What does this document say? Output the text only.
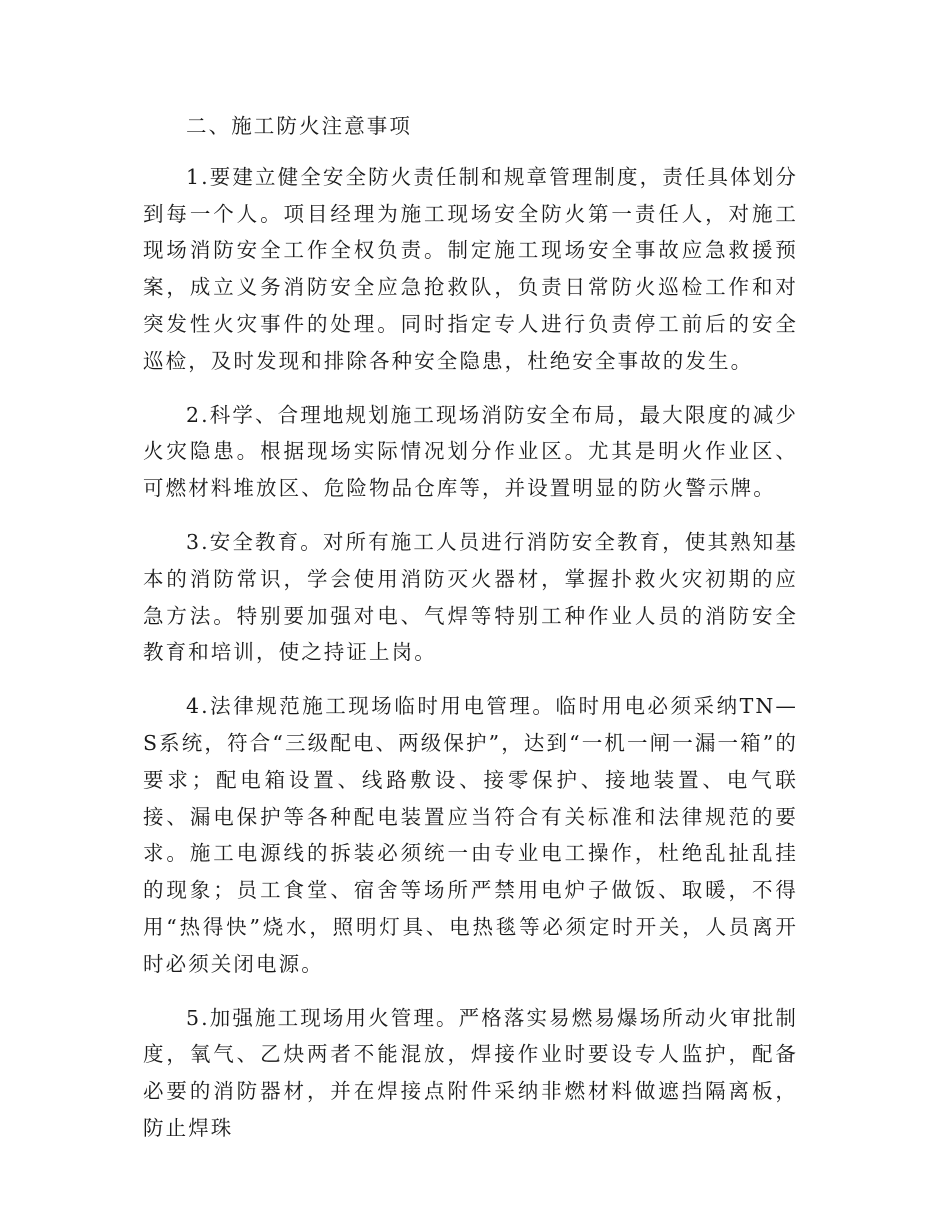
二、施工防火注意事项

1.要建立健全安全防火责任制和规章管理制度，责任具体划分到每一个人。项目经理为施工现场安全防火第一责任人，对施工现场消防安全工作全权负责。制定施工现场安全事故应急救援预案，成立义务消防安全应急抢救队，负责日常防火巡检工作和对突发性火灾事件的处理。同时指定专人进行负责停工前后的安全巡检，及时发现和排除各种安全隐患，杜绝安全事故的发生。

2.科学、合理地规划施工现场消防安全布局，最大限度的减少火灾隐患。根据现场实际情况划分作业区。尤其是明火作业区、可燃材料堆放区、危险物品仓库等，并设置明显的防火警示牌。

3.安全教育。对所有施工人员进行消防安全教育，使其熟知基本的消防常识，学会使用消防灭火器材，掌握扑救火灾初期的应急方法。特别要加强对电、气焊等特别工种作业人员的消防安全教育和培训，使之持证上岗。

4.法律规范施工现场临时用电管理。临时用电必须采纳TN—S系统，符合“三级配电、两级保护”，达到“一机一闸一漏一箱”的要求；配电箱设置、线路敷设、接零保护、接地装置、电气联接、漏电保护等各种配电装置应当符合有关标准和法律规范的要求。施工电源线的拆装必须统一由专业电工操作，杜绝乱扯乱挂的现象；员工食堂、宿舍等场所严禁用电炉子做饭、取暖，不得用“热得快”烧水，照明灯具、电热毯等必须定时开关，人员离开时必须关闭电源。

5.加强施工现场用火管理。严格落实易燃易爆场所动火审批制度，氧气、乙炔两者不能混放，焊接作业时要设专人监护，配备必要的消防器材，并在焊接点附件采纳非燃材料做遮挡隔离板，防止焊珠
